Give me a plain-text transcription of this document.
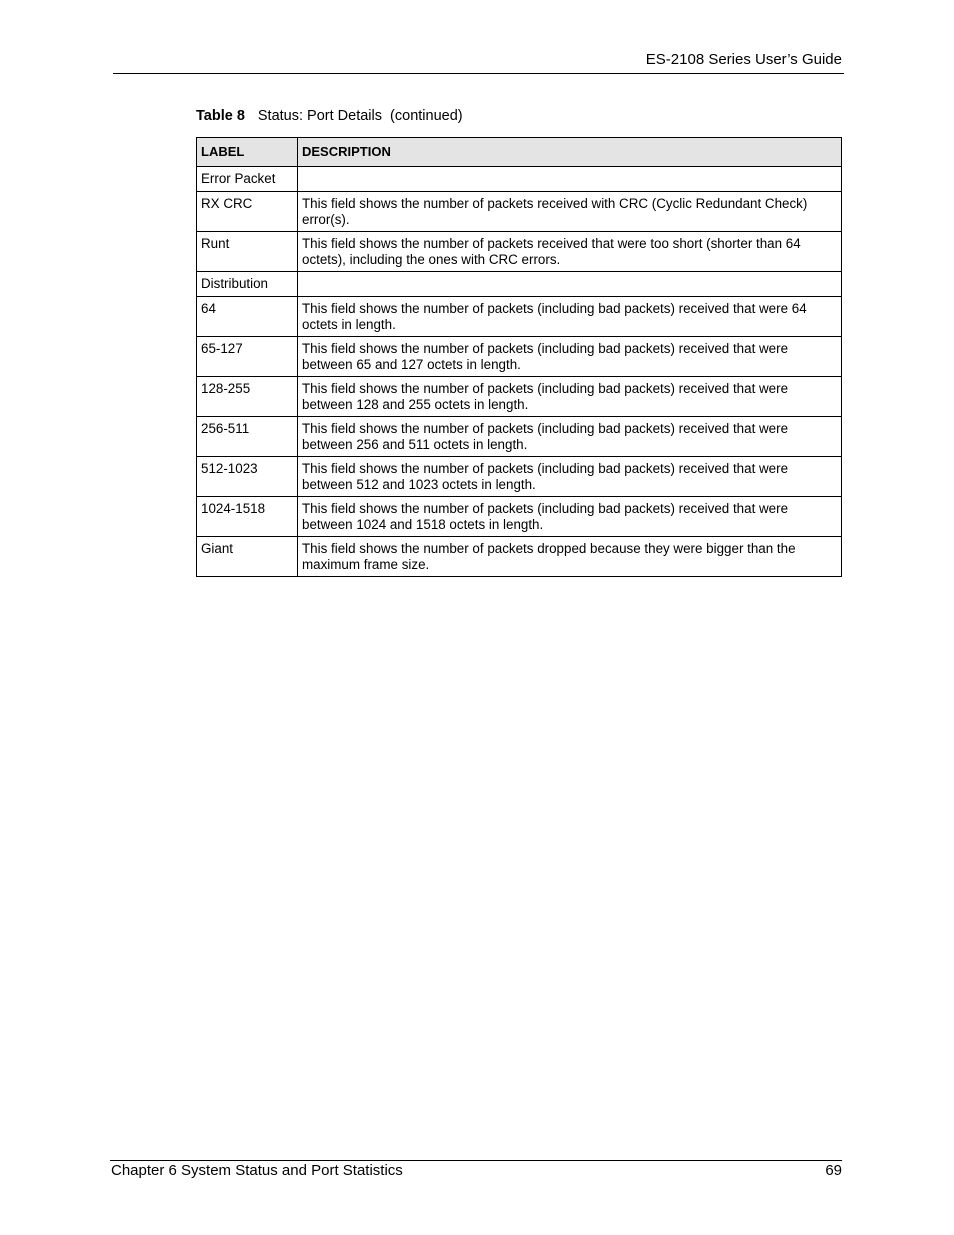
ES-2108 Series User’s Guide
Table 8 Status: Port Details  (continued)
LABEL	DESCRIPTION
Error Packet	
RX CRC	This field shows the number of packets received with CRC (Cyclic Redundant Check) error(s).
Runt	This field shows the number of packets received that were too short (shorter than 64 octets), including the ones with CRC errors.
Distribution	
64	This field shows the number of packets (including bad packets) received that were 64 octets in length.
65-127	This field shows the number of packets (including bad packets) received that were between 65 and 127 octets in length.
128-255	This field shows the number of packets (including bad packets) received that were between 128 and 255 octets in length.
256-511	This field shows the number of packets (including bad packets) received that were between 256 and 511 octets in length.
512-1023	This field shows the number of packets (including bad packets) received that were between 512 and 1023 octets in length.
1024-1518	This field shows the number of packets (including bad packets) received that were between 1024 and 1518 octets in length.
Giant	This field shows the number of packets dropped because they were bigger than the maximum frame size.
Chapter 6 System Status and Port Statistics	69
